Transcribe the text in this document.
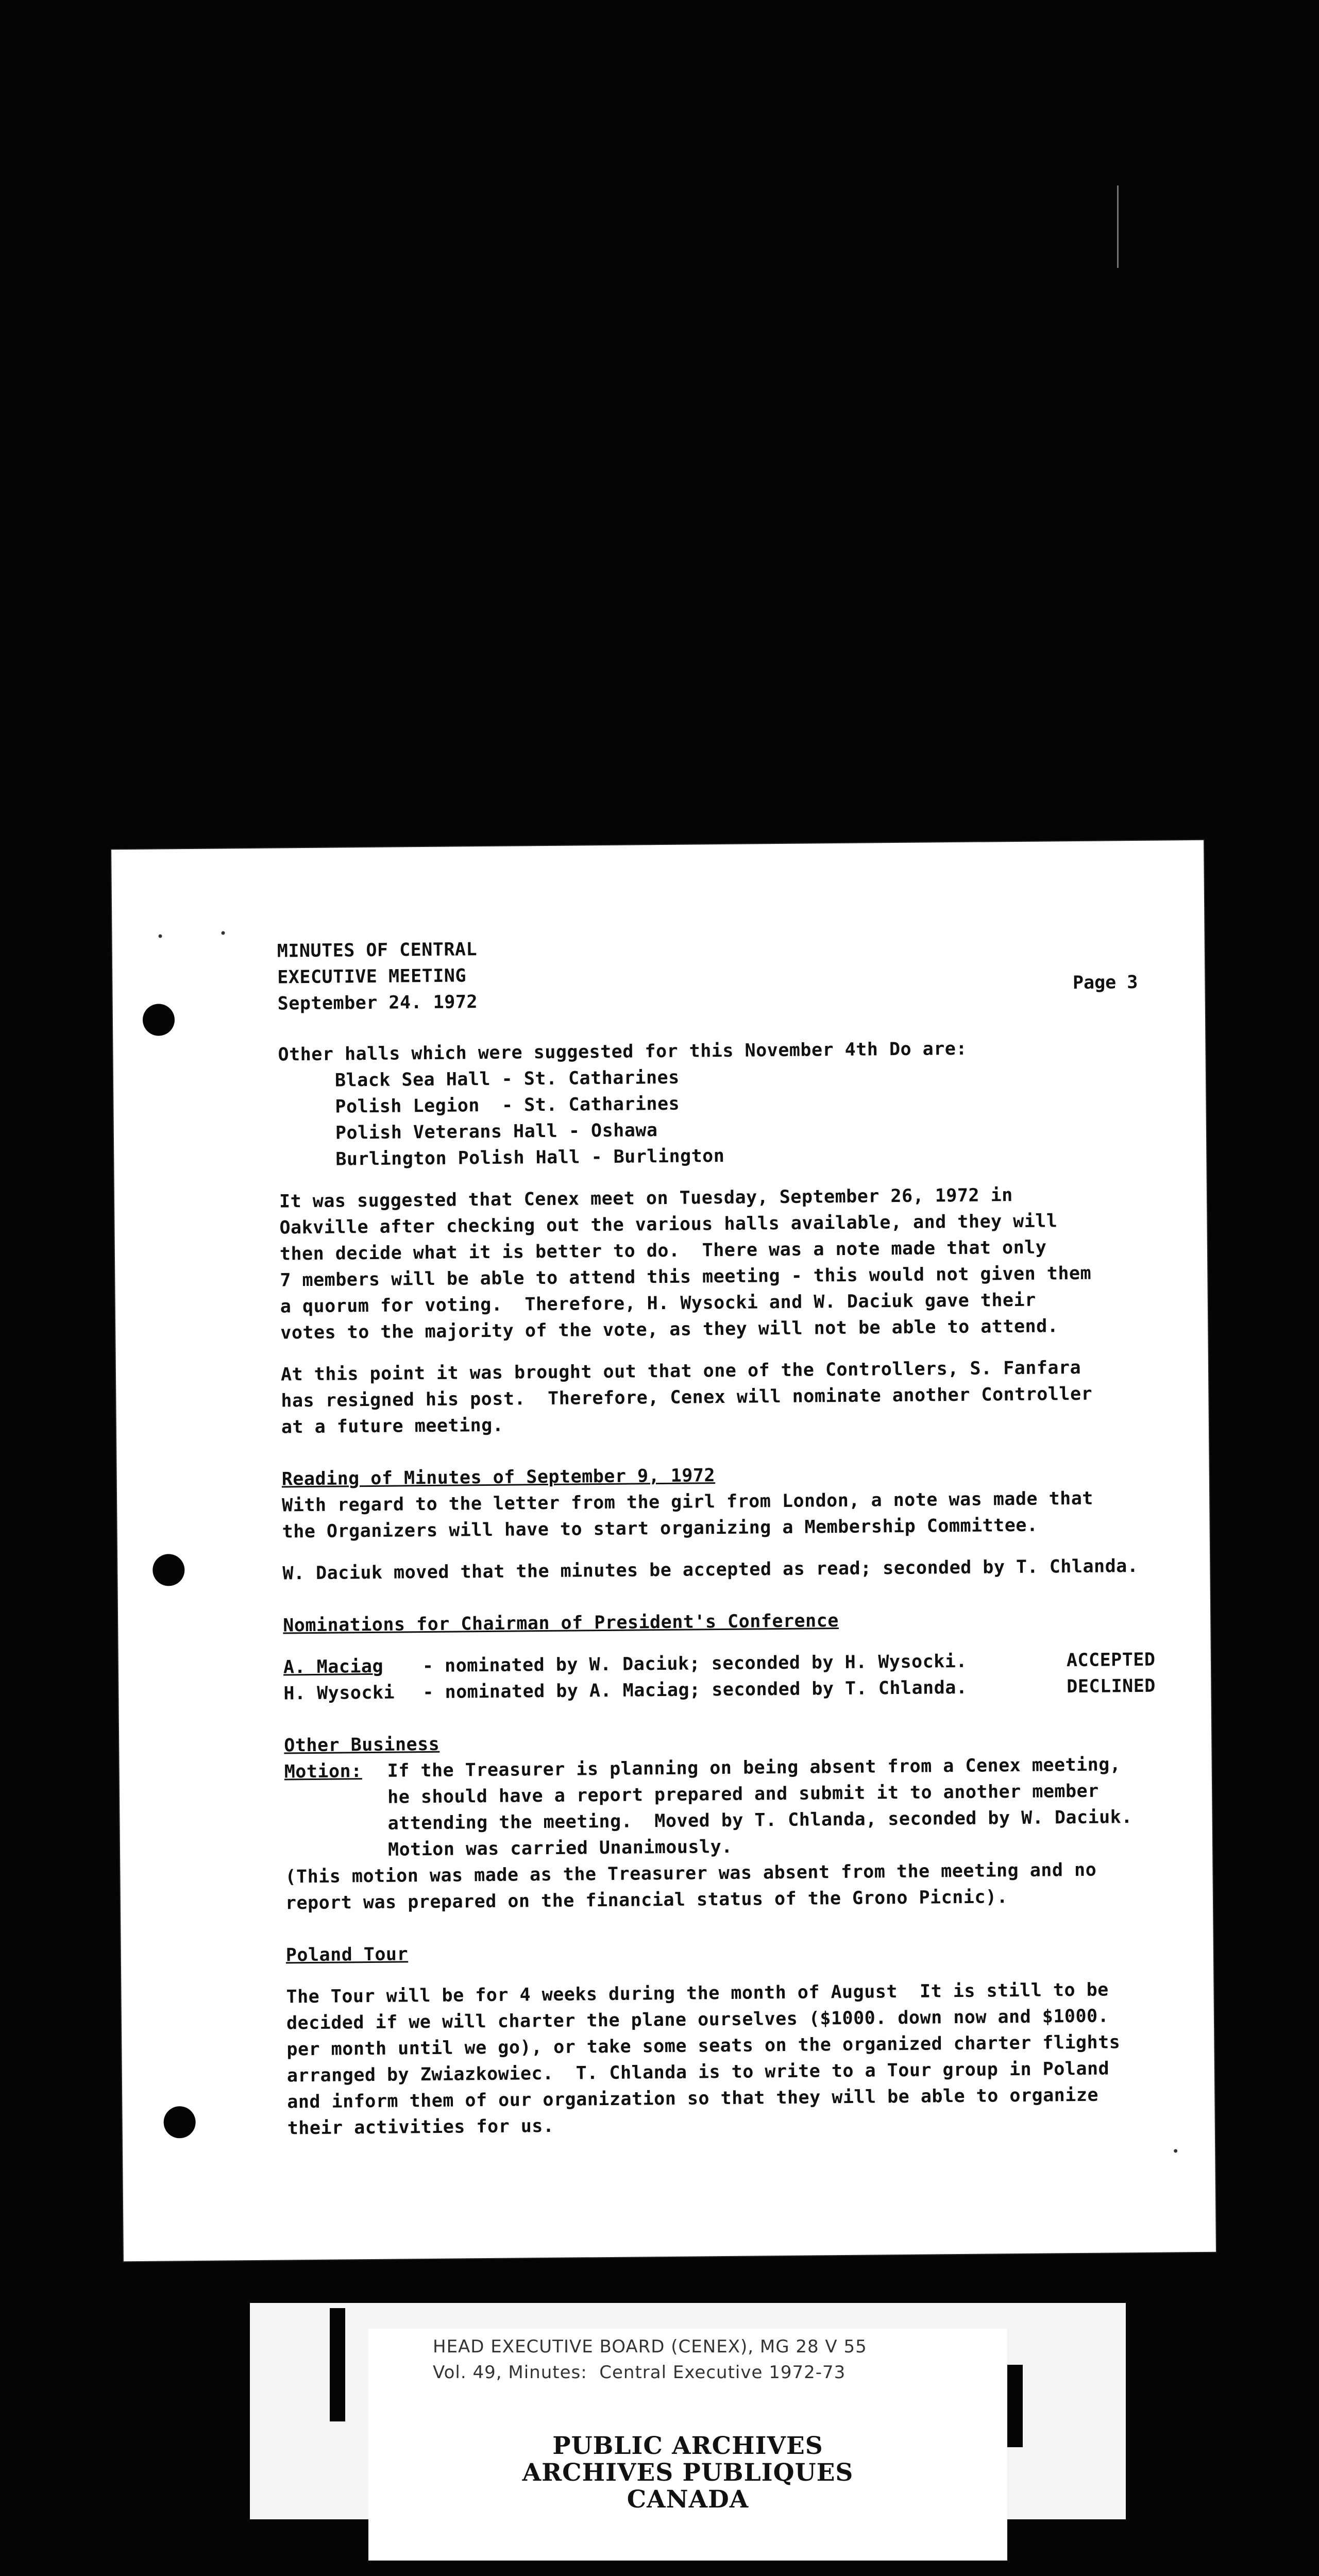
Page 3
MINUTES OF CENTRAL
EXECUTIVE MEETING
September 24. 1972

Other halls which were suggested for this November 4th Do are:

Black Sea Hall - St. Catharines
Polish Legion  - St. Catharines
Polish Veterans Hall - Oshawa
Burlington Polish Hall - Burlington
It was suggested that Cenex meet on Tuesday, September 26, 1972 in
Oakville after checking out the various halls available, and they will
then decide what it is better to do.  There was a note made that only
7 members will be able to attend this meeting - this would not given them
a quorum for voting.  Therefore, H. Wysocki and W. Daciuk gave their
votes to the majority of the vote, as they will not be able to attend.
At this point it was brought out that one of the Controllers, S. Fanfara
has resigned his post.  Therefore, Cenex will nominate another Controller
at a future meeting.
Reading of Minutes of September 9, 1972
With regard to the letter from the girl from London, a note was made that
the Organizers will have to start organizing a Membership Committee.
W. Daciuk moved that the minutes be accepted as read; seconded by T. Chlanda.
Nominations for Chairman of President's Conference
A. Maciag	- nominated by W. Daciuk; seconded by H. Wysocki.	ACCEPTED
H. Wysocki	- nominated by A. Maciag; seconded by T. Chlanda.	DECLINED
Other Business
Motion:	If the Treasurer is planning on being absent from a Cenex meeting,
he should have a report prepared and submit it to another member
attending the meeting.  Moved by T. Chlanda, seconded by W. Daciuk.
Motion was carried Unanimously.
(This motion was made as the Treasurer was absent from the meeting and no
report was prepared on the financial status of the Grono Picnic).
Poland Tour
The Tour will be for 4 weeks during the month of August  It is still to be
decided if we will charter the plane ourselves ($1000. down now and $1000.
per month until we go), or take some seats on the organized charter flights
arranged by Zwiazkowiec.  T. Chlanda is to write to a Tour group in Poland
and inform them of our organization so that they will be able to organize
their activities for us.
HEAD EXECUTIVE BOARD (CENEX), MG 28 V 55
Vol. 49, Minutes:  Central Executive 1972-73
PUBLIC ARCHIVES
ARCHIVES PUBLIQUES
CANADA
